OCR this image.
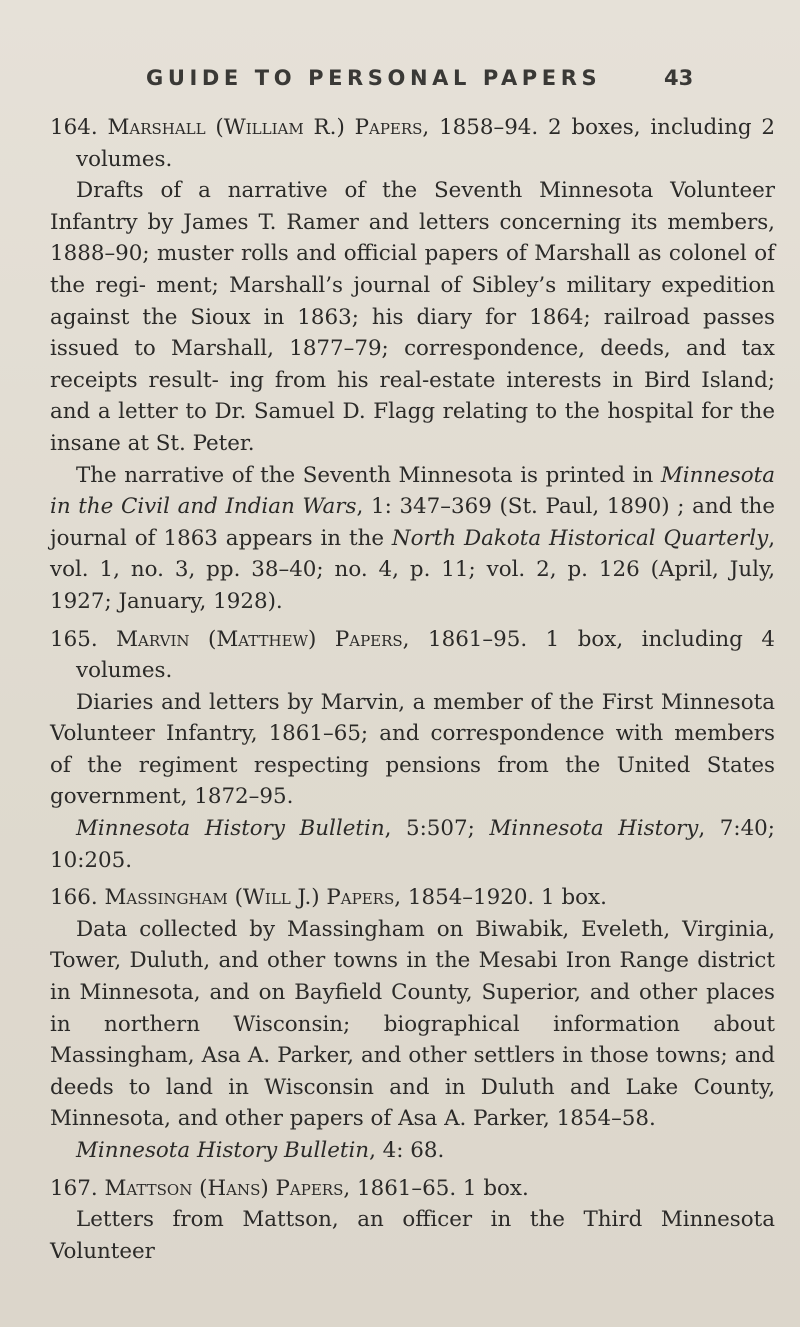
GUIDE TO PERSONAL PAPERS	43

164. Marshall (William R.) Papers, 1858–94. 2 boxes, including 2 volumes.

Drafts of a narrative of the Seventh Minnesota Volunteer Infantry by James T. Ramer and letters concerning its members, 1888–90; muster rolls and official papers of Marshall as colonel of the regi- ment; Marshall’s journal of Sibley’s military expedition against the Sioux in 1863; his diary for 1864; railroad passes issued to Marshall, 1877–79; correspondence, deeds, and tax receipts result- ing from his real-estate interests in Bird Island; and a letter to Dr. Samuel D. Flagg relating to the hospital for the insane at St. Peter.

The narrative of the Seventh Minnesota is printed in Minnesota in the Civil and Indian Wars, 1: 347–369 (St. Paul, 1890) ; and the journal of 1863 appears in the North Dakota Historical Quarterly, vol. 1, no. 3, pp. 38–40; no. 4, p. 11; vol. 2, p. 126 (April, July, 1927; January, 1928).

165. Marvin (Matthew) Papers, 1861–95. 1 box, including 4 volumes.

Diaries and letters by Marvin, a member of the First Minnesota Volunteer Infantry, 1861–65; and correspondence with members of the regiment respecting pensions from the United States government, 1872–95.

Minnesota History Bulletin, 5:507; Minnesota History, 7:40; 10:205.

166. Massingham (Will J.) Papers, 1854–1920. 1 box.

Data collected by Massingham on Biwabik, Eveleth, Virginia, Tower, Duluth, and other towns in the Mesabi Iron Range district in Minnesota, and on Bayfield County, Superior, and other places in northern Wisconsin; biographical information about Massingham, Asa A. Parker, and other settlers in those towns; and deeds to land in Wisconsin and in Duluth and Lake County, Minnesota, and other papers of Asa A. Parker, 1854–58.

Minnesota History Bulletin, 4: 68.

167. Mattson (Hans) Papers, 1861–65. 1 box.

Letters from Mattson, an officer in the Third Minnesota Volunteer
